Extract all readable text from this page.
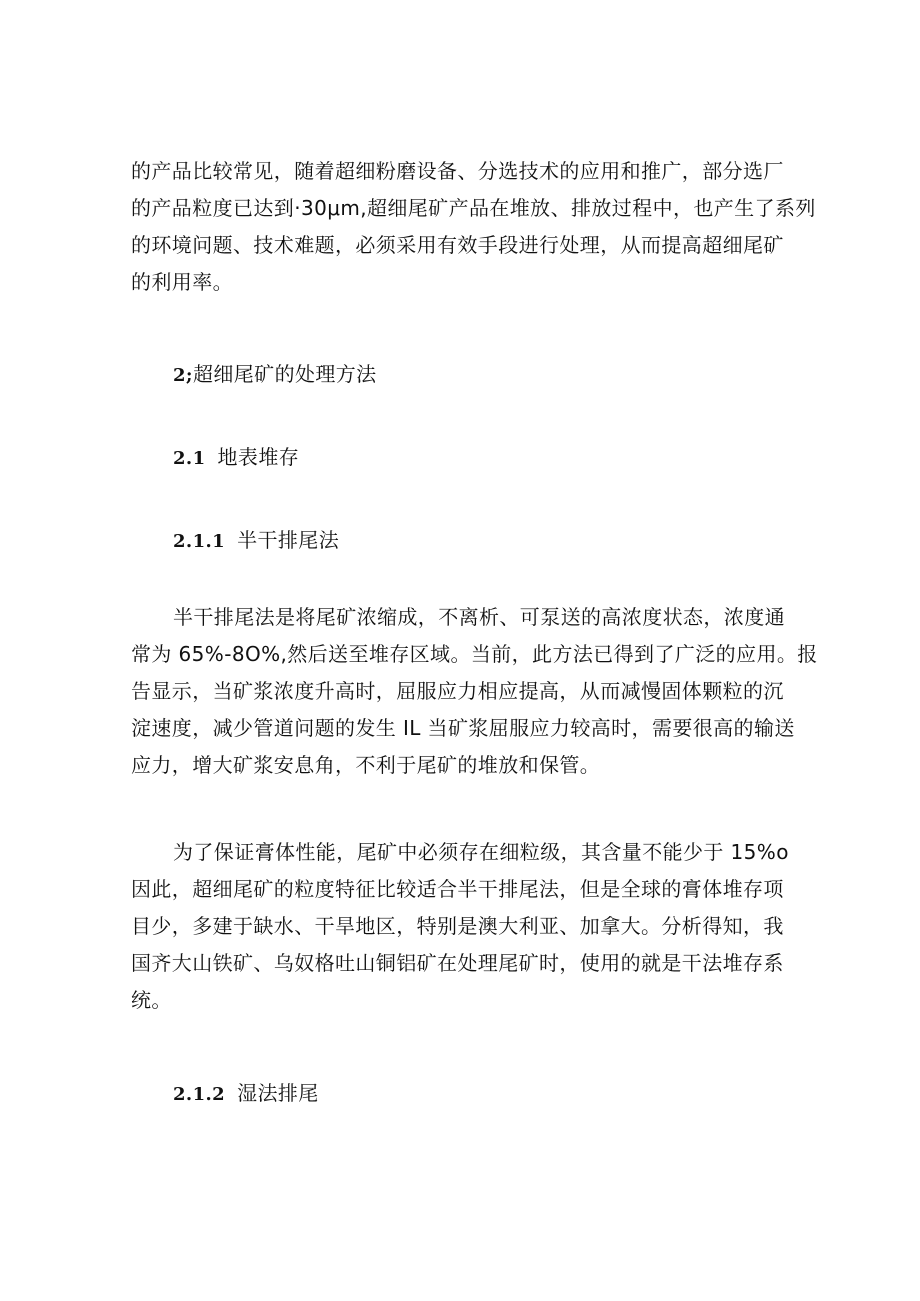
的产品比较常见，随着超细粉磨设备、分选技术的应用和推广，部分选厂
的产品粒度已达到·30μm,超细尾矿产品在堆放、排放过程中，也产生了系列
的环境问题、技术难题，必须采用有效手段进行处理，从而提高超细尾矿
的利用率。
2;超细尾矿的处理方法
2.1 地表堆存
2.1.1 半干排尾法
半干排尾法是将尾矿浓缩成，不离析、可泵送的高浓度状态，浓度通
常为 65%-8O%,然后送至堆存区域。当前，此方法已得到了广泛的应用。报
告显示，当矿浆浓度升高时，屈服应力相应提高，从而减慢固体颗粒的沉
淀速度，减少管道问题的发生 IL 当矿浆屈服应力较高时，需要很高的输送
应力，增大矿浆安息角，不利于尾矿的堆放和保管。
为了保证膏体性能，尾矿中必须存在细粒级，其含量不能少于 15%o
因此，超细尾矿的粒度特征比较适合半干排尾法，但是全球的膏体堆存项
目少，多建于缺水、干旱地区，特别是澳大利亚、加拿大。分析得知，我
国齐大山铁矿、乌奴格吐山铜铝矿在处理尾矿时，使用的就是干法堆存系
统。
2.1.2 湿法排尾
